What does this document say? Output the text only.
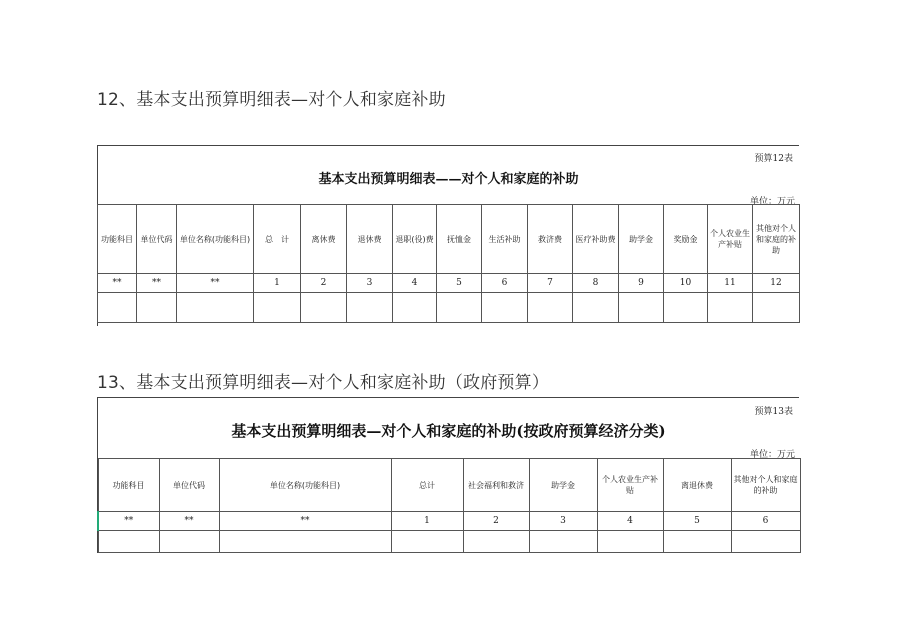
12、基本支出预算明细表—对个人和家庭补助
预算12表
基本支出预算明细表——对个人和家庭的补助
单位：万元
功能科目	单位代码	单位名称(功能科目)	总　计	离休费	退休费	退职(役)费	抚恤金	生活补助	救济费	医疗补助费	助学金	奖励金	个人农业生产补贴	其他对个人和家庭的补助
**	**	**	1	2	3	4	5	6	7	8	9	10	11	12

13、基本支出预算明细表—对个人和家庭补助（政府预算）
预算13表
基本支出预算明细表—对个人和家庭的补助(按政府预算经济分类)
单位：万元
功能科目	单位代码	单位名称(功能科目)	总计	社会福利和救济	助学金	个人农业生产补贴	离退休费	其他对个人和家庭的补助
**	**	**	1	2	3	4	5	6
